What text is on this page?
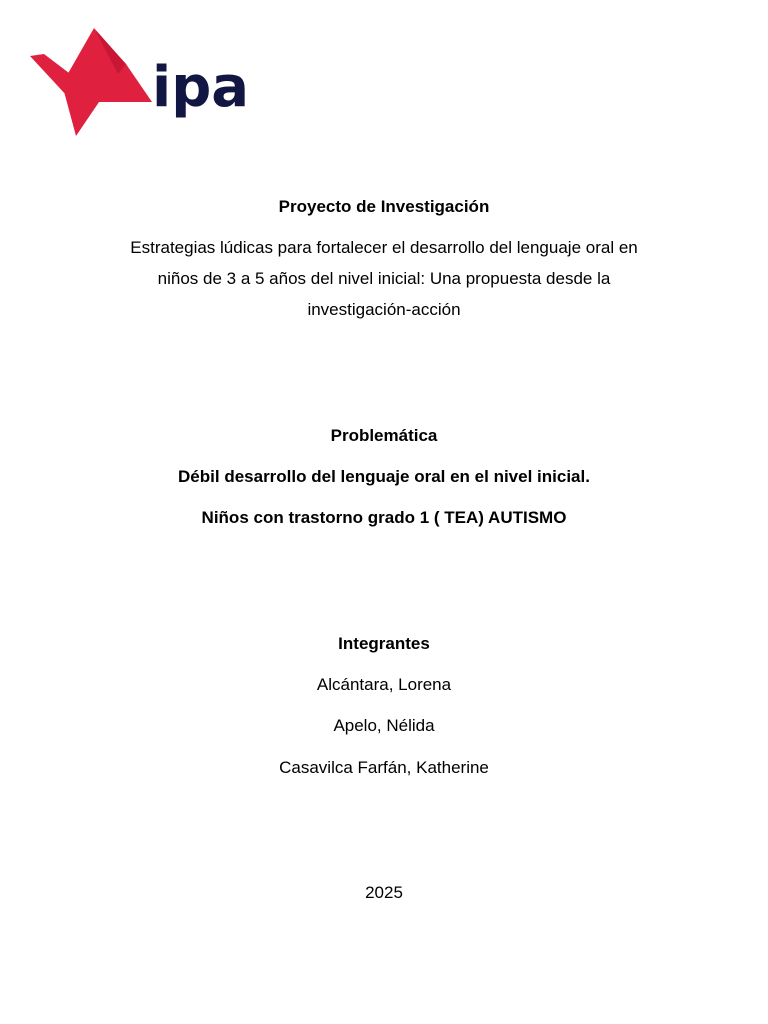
ipa
Proyecto de Investigación
Estrategias lúdicas para fortalecer el desarrollo del lenguaje oral en
niños de 3 a 5 años del nivel inicial: Una propuesta desde la
investigación-acción
Problemática
Débil desarrollo del lenguaje oral en el nivel inicial.
Niños con trastorno grado 1 ( TEA) AUTISMO
Integrantes
Alcántara, Lorena
Apelo, Nélida
Casavilca Farfán, Katherine
2025
